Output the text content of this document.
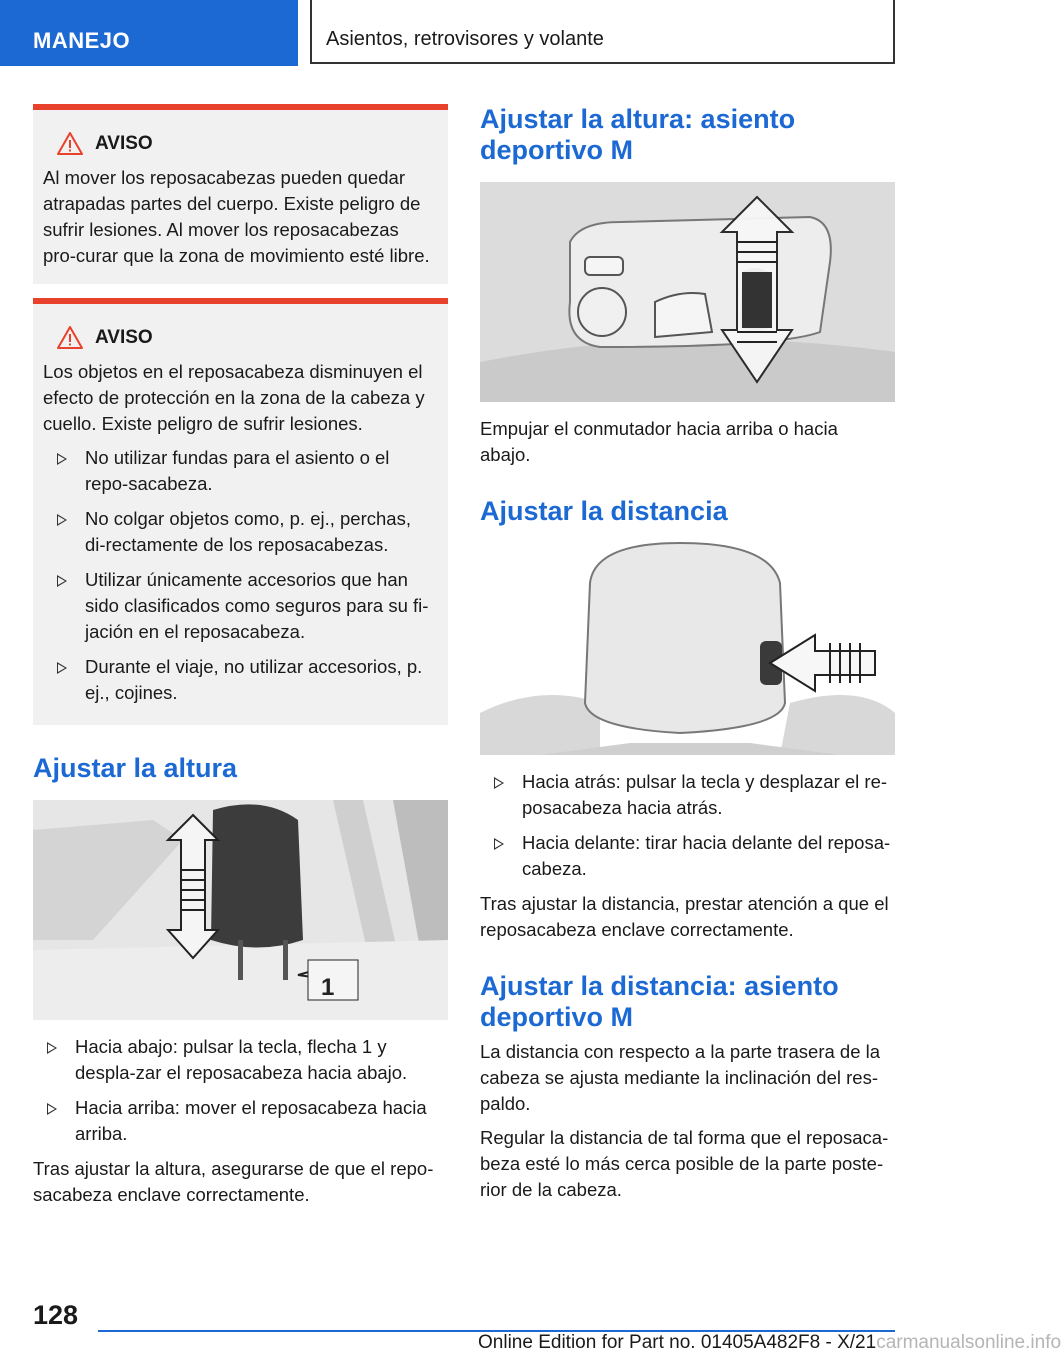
MANEJO	Asientos, retrovisores y volante
AVISO
Al mover los reposacabezas pueden quedar atrapadas partes del cuerpo. Existe peligro de sufrir lesiones. Al mover los reposacabezas pro-curar que la zona de movimiento esté libre.
AVISO
Los objetos en el reposacabeza disminuyen el efecto de protección en la zona de la cabeza y cuello. Existe peligro de sufrir lesiones.
No utilizar fundas para el asiento o el repo-sacabeza.
No colgar objetos como, p. ej., perchas, di-rectamente de los reposacabezas.
Utilizar únicamente accesorios que han sido clasificados como seguros para su fi-jación en el reposacabeza.
Durante el viaje, no utilizar accesorios, p. ej., cojines.
Ajustar la altura
1
Hacia abajo: pulsar la tecla, flecha 1 y despla-zar el reposacabeza hacia abajo.
Hacia arriba: mover el reposacabeza hacia arriba.

Tras ajustar la altura, asegurarse de que el repo-sacabeza enclave correctamente.

Ajustar la altura: asiento deportivo M

Empujar el conmutador hacia arriba o hacia abajo.

Ajustar la distancia
Hacia atrás: pulsar la tecla y desplazar el re-posacabeza hacia atrás.
Hacia delante: tirar hacia delante del reposa-cabeza.

Tras ajustar la distancia, prestar atención a que el reposacabeza enclave correctamente.

Ajustar la distancia: asiento deportivo M

La distancia con respecto a la parte trasera de la cabeza se ajusta mediante la inclinación del res-paldo.

Regular la distancia de tal forma que el reposaca-beza esté lo más cerca posible de la parte poste-rior de la cabeza.

128
Online Edition for Part no. 01405A482F8 - X/21carmanualsonline.info
